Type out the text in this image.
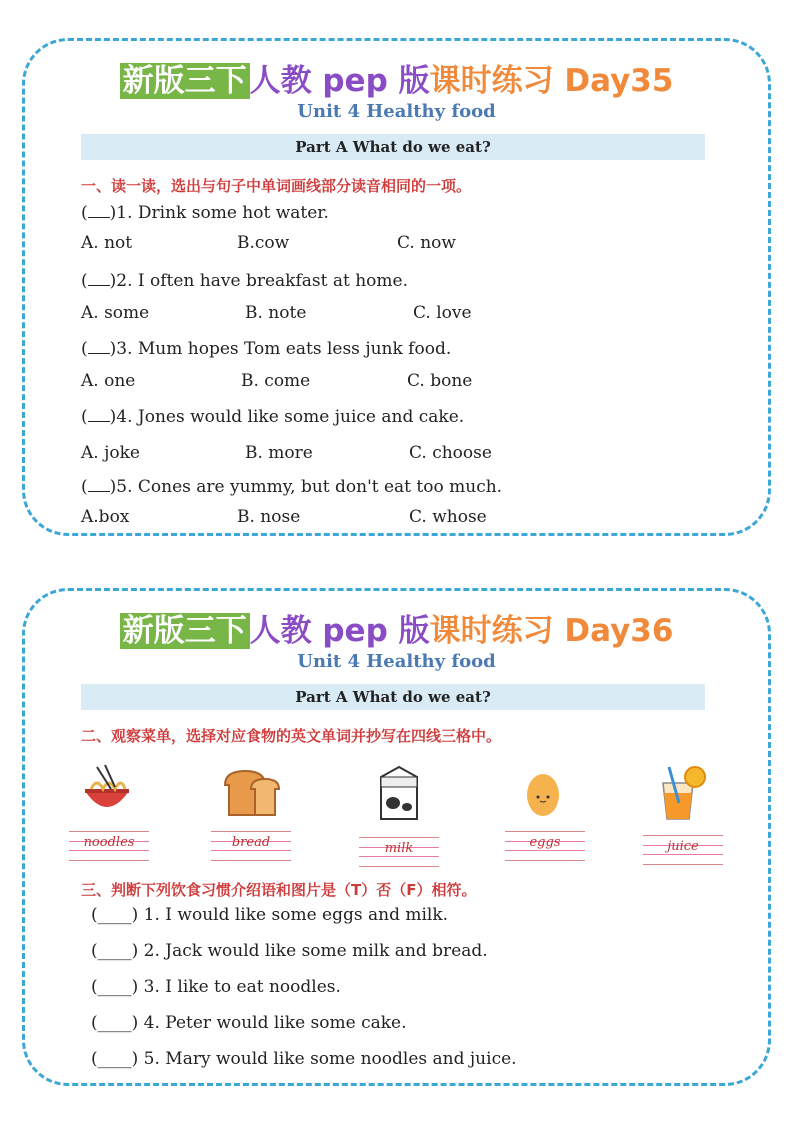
新版三下人教 pep 版课时练习 Day35
Unit 4 Healthy food
Part A What do we eat?
一、读一读，选出与句子中单词画线部分读音相同的一项。
( )1. Drink some hot water.
A. not	B.cow	C. now
( )2. I often have breakfast at home.
A. some	B. note	C. love
( )3. Mum hopes Tom eats less junk food.
A. one	B. come	C. bone
( )4. Jones would like some juice and cake.
A. joke	B. more	C. choose
( )5. Cones are yummy, but don't eat too much.
A.box	B. nose	C. whose
新版三下人教 pep 版课时练习 Day36
Unit 4 Healthy food
Part A What do we eat?
二、观察菜单，选择对应食物的英文单词并抄写在四线三格中。
noodles	bread	milk	eggs	juice
三、判断下列饮食习惯介绍语和图片是（T）否（F）相符。
(____) 1. I would like some eggs and milk.
(____) 2. Jack would like some milk and bread.
(____) 3. I like to eat noodles.
(____) 4. Peter would like some cake.
(____) 5. Mary would like some noodles and juice.
